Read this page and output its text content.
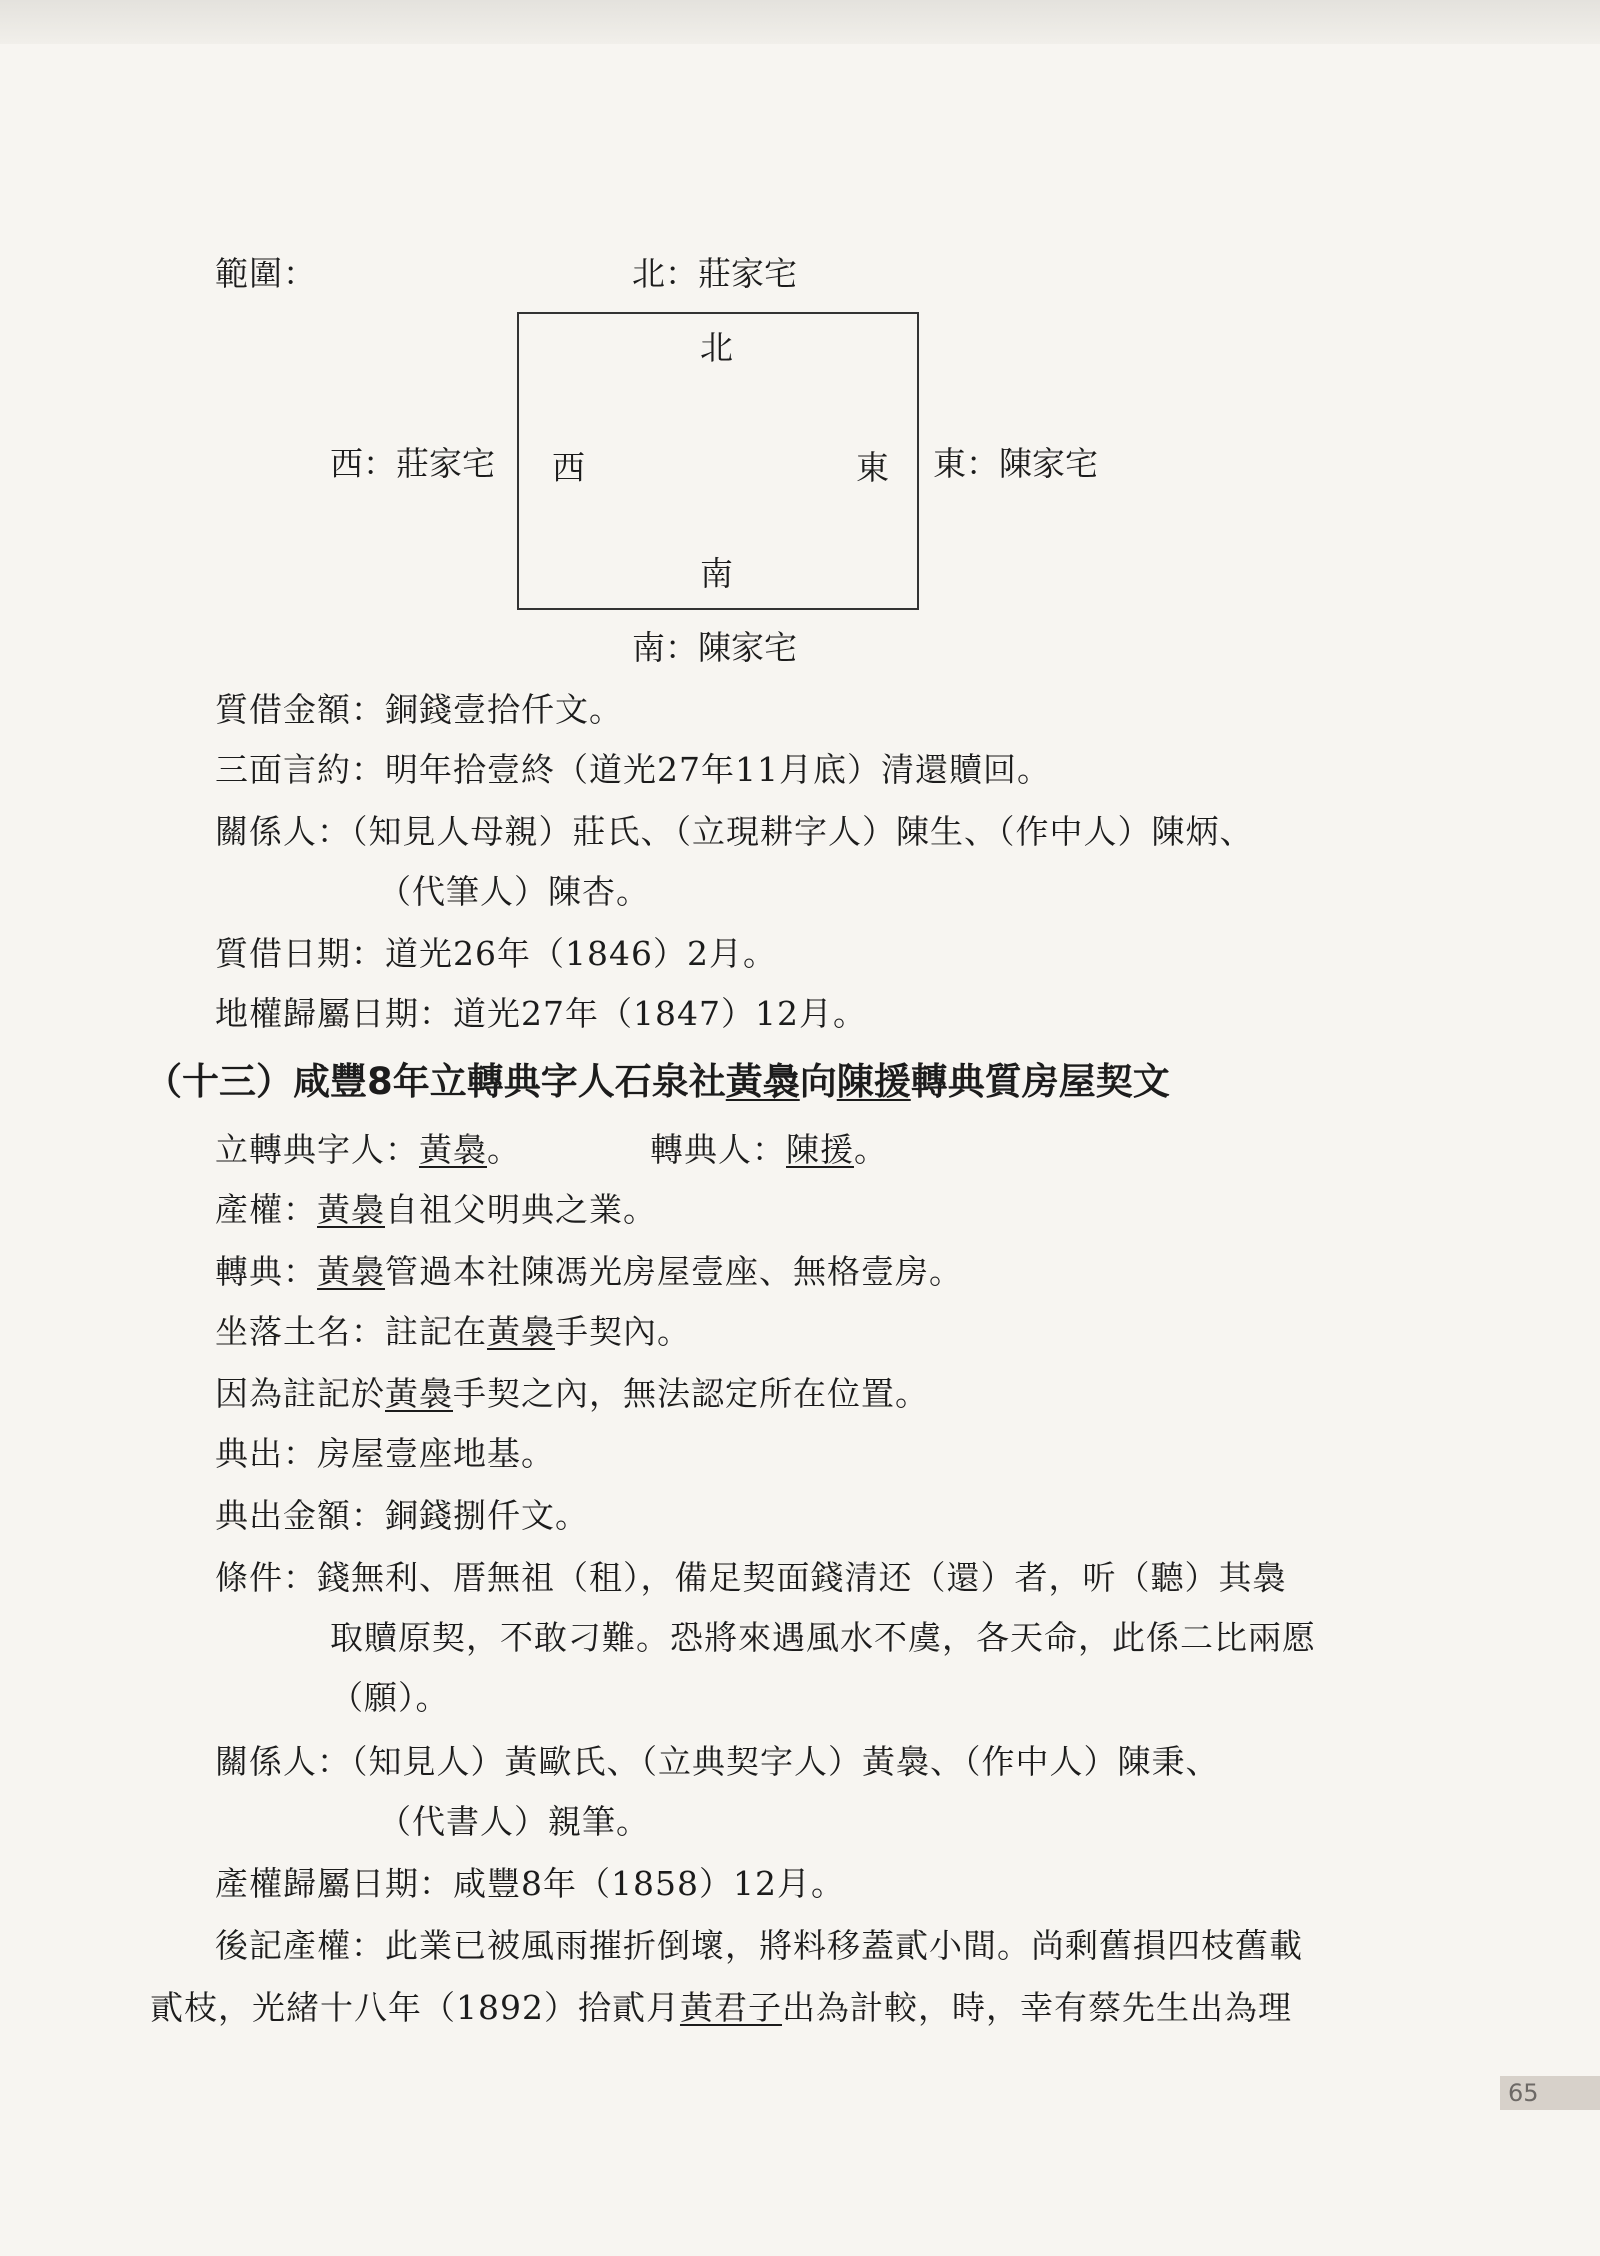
範圍：	北：莊家宅
北
西：莊家宅 西	東 東：陳家宅
南
南：陳家宅
質借金額：銅錢壹拾仟文。
三面言約：明年拾壹終（道光27年11月底）清還贖回。
關係人：（知見人母親）莊氏、（立現耕字人）陳生、（作中人）陳炳、
（代筆人）陳杏。
質借日期：道光26年（1846）2月。
地權歸屬日期：道光27年（1847）12月。
（十三）咸豐8年立轉典字人石泉社黃䙚向陳援轉典質房屋契文
立轉典字人：黃䙚。	轉典人：陳援。
產權：黃䙚自祖父明典之業。
轉典：黃䙚管過本社陳馮光房屋壹座、無格壹房。
坐落土名：註記在黃䙚手契內。
因為註記於黃䙚手契之內，無法認定所在位置。
典出：房屋壹座地基。
典出金額：銅錢捌仟文。
條件：錢無利、厝無祖（租），備足契面錢清还（還）者，听（聽）其䙚
取贖原契，不敢刁難。恐將來遇風水不虞，各天命，此係二比兩愿
（願）。
關係人：（知見人）黃歐氏、（立典契字人）黃䙚、（作中人）陳秉、
（代書人）親筆。
產權歸屬日期：咸豐8年（1858）12月。
後記產權：此業已被風雨摧折倒壞，將料移蓋貳小間。尚剩舊損四枝舊載
貳枝，光緒十八年（1892）拾貳月黃君子出為計較，時，幸有蔡先生出為理
65
